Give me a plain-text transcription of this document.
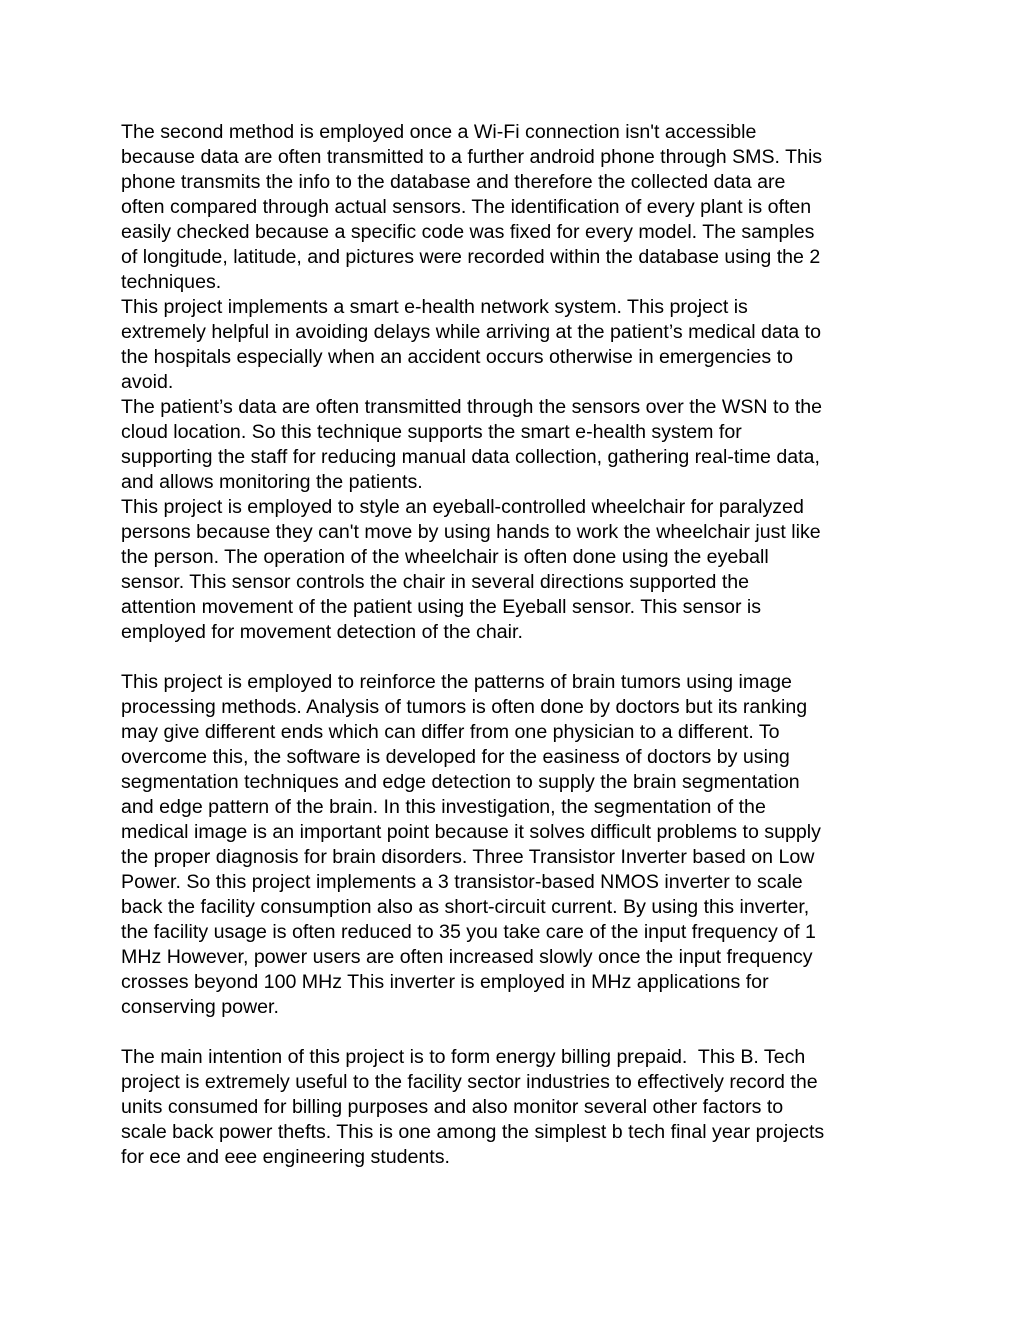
The second method is employed once a Wi-Fi connection isn't accessible
because data are often transmitted to a further android phone through SMS. This
phone transmits the info to the database and therefore the collected data are
often compared through actual sensors. The identification of every plant is often
easily checked because a specific code was fixed for every model. The samples
of longitude, latitude, and pictures were recorded within the database using the 2
techniques.
This project implements a smart e-health network system. This project is
extremely helpful in avoiding delays while arriving at the patient’s medical data to
the hospitals especially when an accident occurs otherwise in emergencies to
avoid.
The patient’s data are often transmitted through the sensors over the WSN to the
cloud location. So this technique supports the smart e-health system for
supporting the staff for reducing manual data collection, gathering real-time data,
and allows monitoring the patients.
This project is employed to style an eyeball-controlled wheelchair for paralyzed
persons because they can't move by using hands to work the wheelchair just like
the person. The operation of the wheelchair is often done using the eyeball
sensor. This sensor controls the chair in several directions supported the
attention movement of the patient using the Eyeball sensor. This sensor is
employed for movement detection of the chair.
This project is employed to reinforce the patterns of brain tumors using image
processing methods. Analysis of tumors is often done by doctors but its ranking
may give different ends which can differ from one physician to a different. To
overcome this, the software is developed for the easiness of doctors by using
segmentation techniques and edge detection to supply the brain segmentation
and edge pattern of the brain. In this investigation, the segmentation of the
medical image is an important point because it solves difficult problems to supply
the proper diagnosis for brain disorders. Three Transistor Inverter based on Low
Power. So this project implements a 3 transistor-based NMOS inverter to scale
back the facility consumption also as short-circuit current. By using this inverter,
the facility usage is often reduced to 35 you take care of the input frequency of 1
MHz However, power users are often increased slowly once the input frequency
crosses beyond 100 MHz This inverter is employed in MHz applications for
conserving power.
The main intention of this project is to form energy billing prepaid.  This B. Tech
project is extremely useful to the facility sector industries to effectively record the
units consumed for billing purposes and also monitor several other factors to
scale back power thefts. This is one among the simplest b tech final year projects
for ece and eee engineering students.
